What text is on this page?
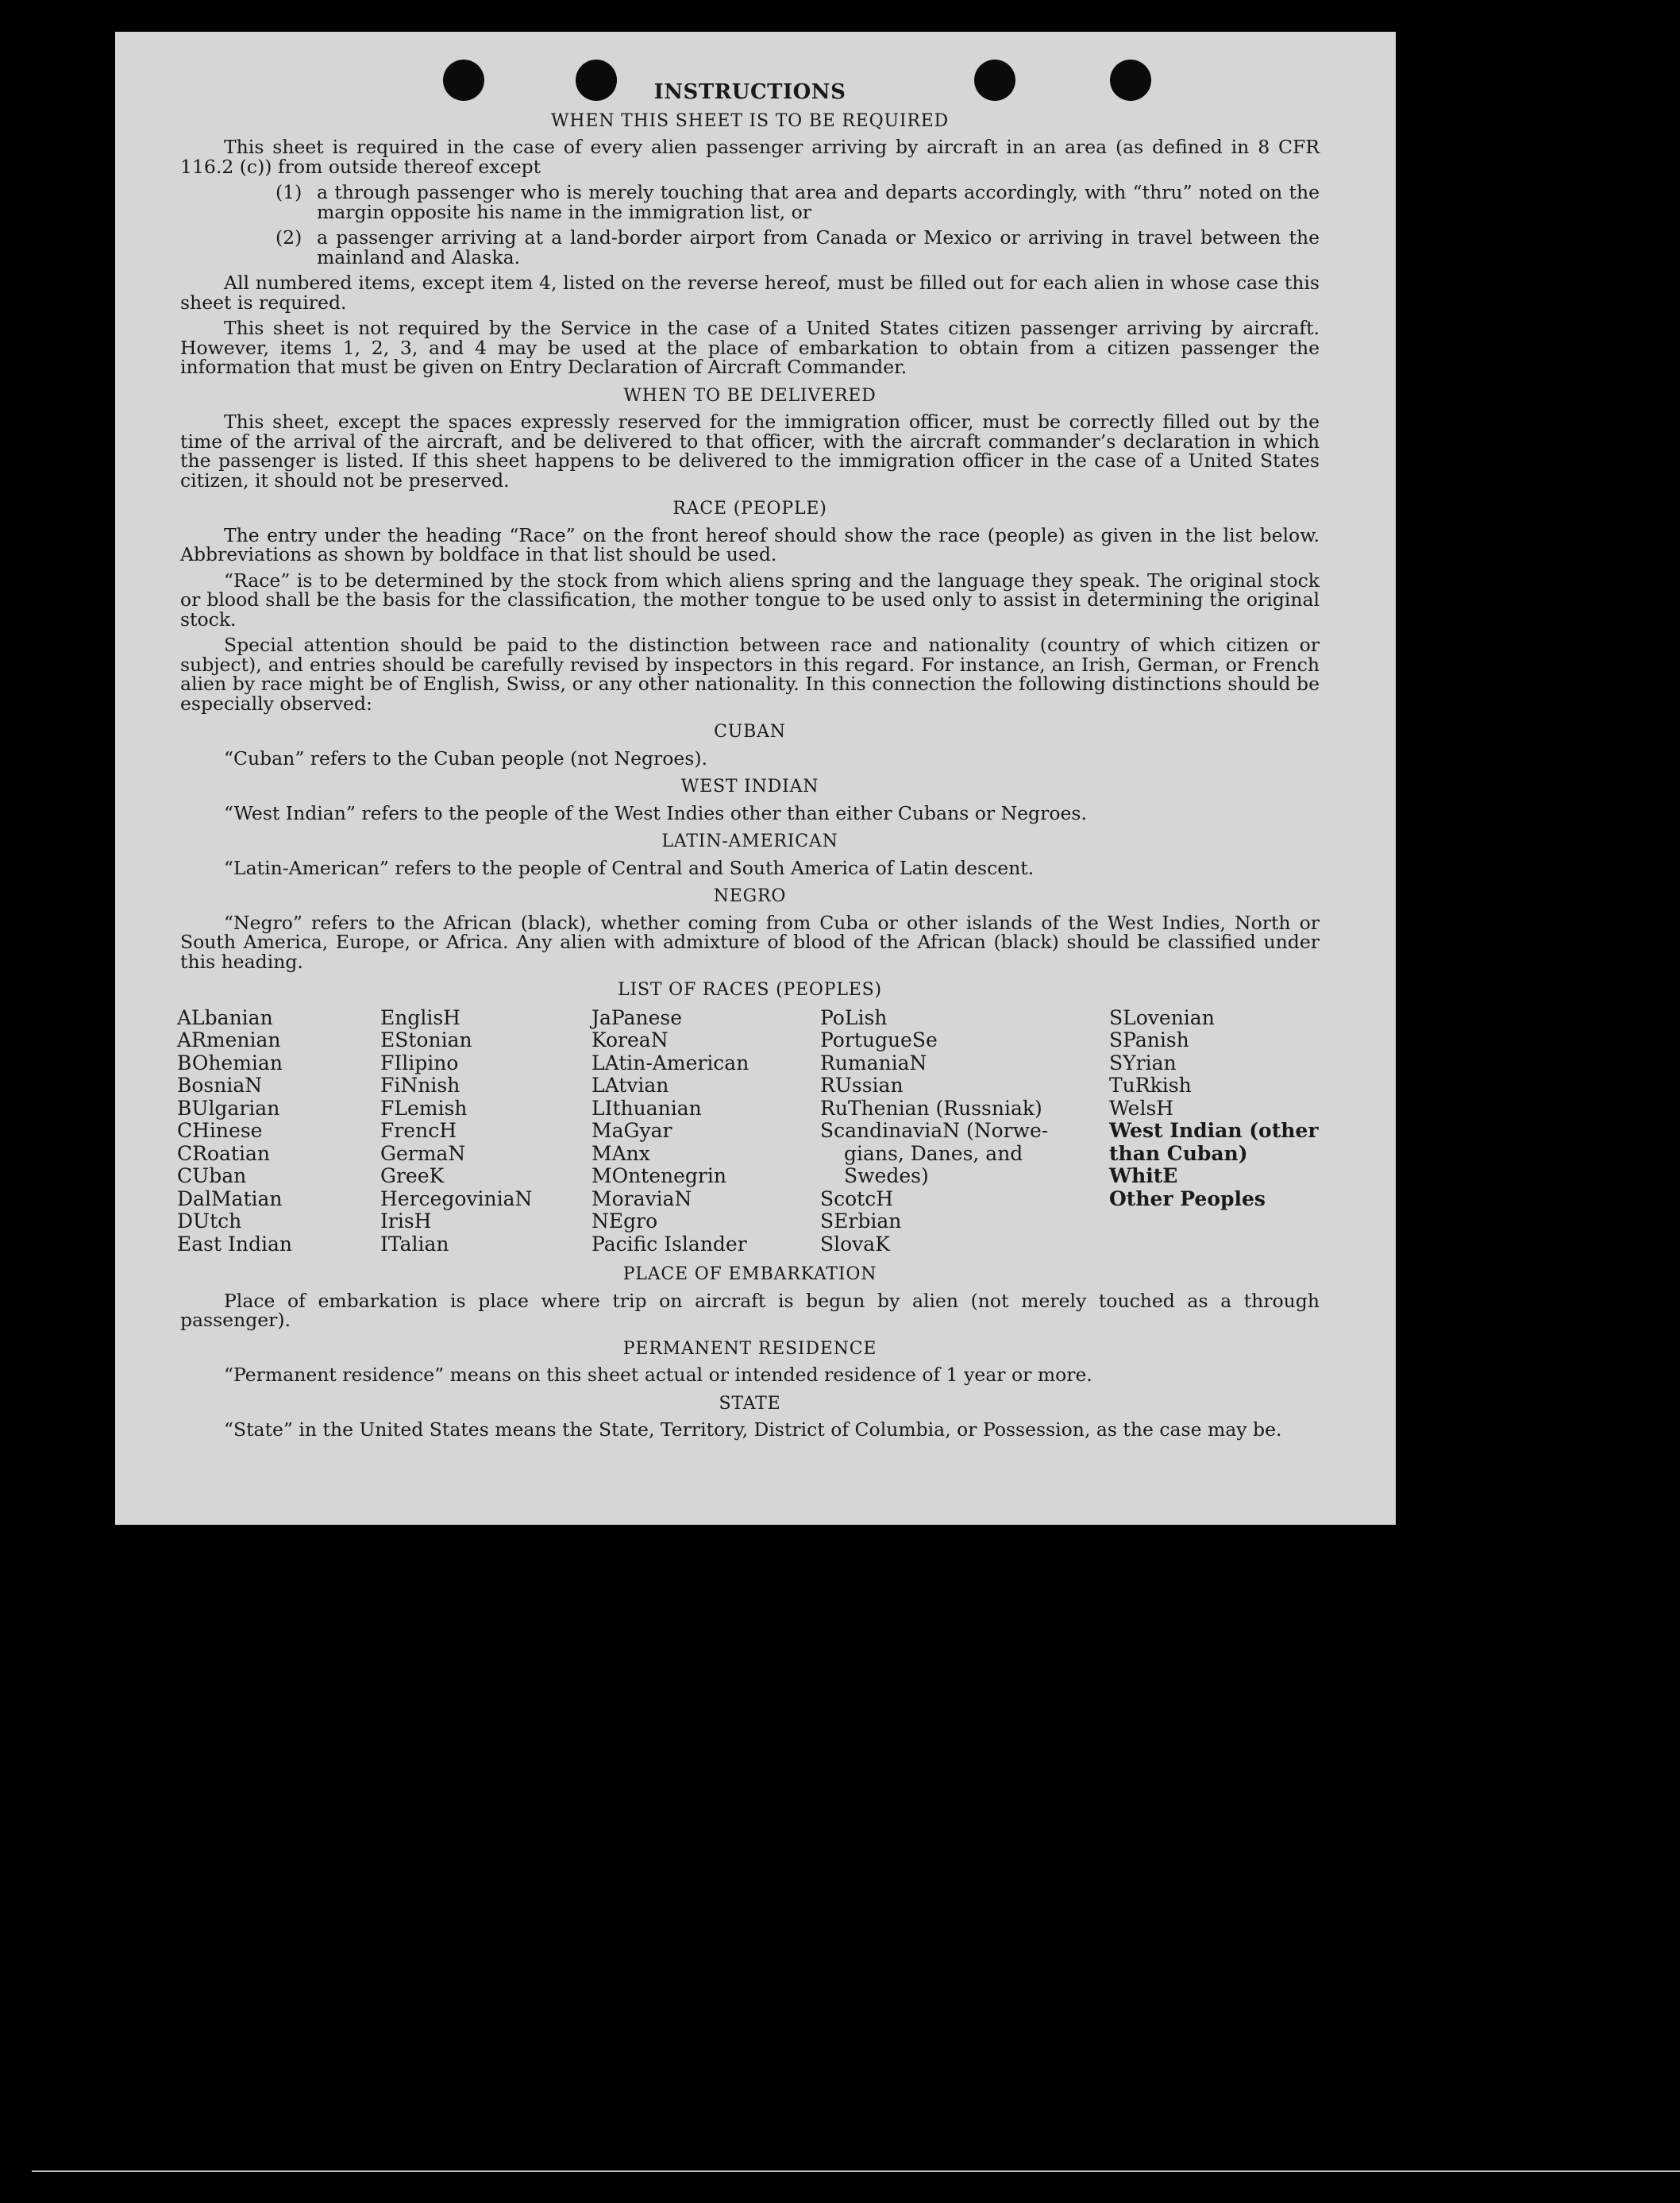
INSTRUCTIONS
WHEN THIS SHEET IS TO BE REQUIRED

This sheet is required in the case of every alien passenger arriving by aircraft in an area (as defined in 8 CFR 116.2 (c)) from outside thereof except

(1) a through passenger who is merely touching that area and departs accordingly, with “thru” noted on the margin opposite his name in the immigration list, or
(2) a passenger arriving at a land-border airport from Canada or Mexico or arriving in travel between the mainland and Alaska.

All numbered items, except item 4, listed on the reverse hereof, must be filled out for each alien in whose case this sheet is required.

This sheet is not required by the Service in the case of a United States citizen passenger arriving by aircraft. However, items 1, 2, 3, and 4 may be used at the place of embarkation to obtain from a citizen passenger the information that must be given on Entry Declaration of Aircraft Commander.

WHEN TO BE DELIVERED

This sheet, except the spaces expressly reserved for the immigration officer, must be correctly filled out by the time of the arrival of the aircraft, and be delivered to that officer, with the aircraft commander’s declaration in which the passenger is listed. If this sheet happens to be delivered to the immigration officer in the case of a United States citizen, it should not be preserved.

RACE (PEOPLE)

The entry under the heading “Race” on the front hereof should show the race (people) as given in the list below. Abbreviations as shown by boldface in that list should be used.

“Race” is to be determined by the stock from which aliens spring and the language they speak. The original stock or blood shall be the basis for the classification, the mother tongue to be used only to assist in determining the original stock.

Special attention should be paid to the distinction between race and nationality (country of which citizen or subject), and entries should be carefully revised by inspectors in this regard. For instance, an Irish, German, or French alien by race might be of English, Swiss, or any other nationality. In this connection the following distinctions should be especially observed:

CUBAN
“Cuban” refers to the Cuban people (not Negroes).
WEST INDIAN
“West Indian” refers to the people of the West Indies other than either Cubans or Negroes.
LATIN-AMERICAN
“Latin-American” refers to the people of Central and South America of Latin descent.
NEGRO

“Negro” refers to the African (black), whether coming from Cuba or other islands of the West Indies, North or South America, Europe, or Africa. Any alien with admixture of blood of the African (black) should be classified under this heading.

LIST OF RACES (PEOPLES)
ALbanian
ARmenian
BOhemian
BosniaN
BUlgarian
CHinese
CRoatian
CUban
DalMatian
DUtch
East Indian
EnglisH
EStonian
FIlipino
FiNnish
FLemish
FrencH
GermaN
GreeK
HercegoviniaN
IrisH
ITalian
JaPanese
KoreaN
LAtin-American
LAtvian
LIthuanian
MaGyar
MAnx
MOntenegrin
MoraviaN
NEgro
Pacific Islander
PoLish
PortugueSe
RumaniaN
RUssian
RuThenian (Russniak)
ScandinaviaN (Norwe-
gians, Danes, and
Swedes)
ScotcH
SErbian
SlovaK
SLovenian
SPanish
SYrian
TuRkish
WelsH
West Indian (other
than Cuban)
WhitE
Other Peoples
PLACE OF EMBARKATION

Place of embarkation is place where trip on aircraft is begun by alien (not merely touched as a through passenger).

PERMANENT RESIDENCE
“Permanent residence” means on this sheet actual or intended residence of 1 year or more.
STATE

“State” in the United States means the State, Territory, District of Columbia, or Possession, as the case may be.
